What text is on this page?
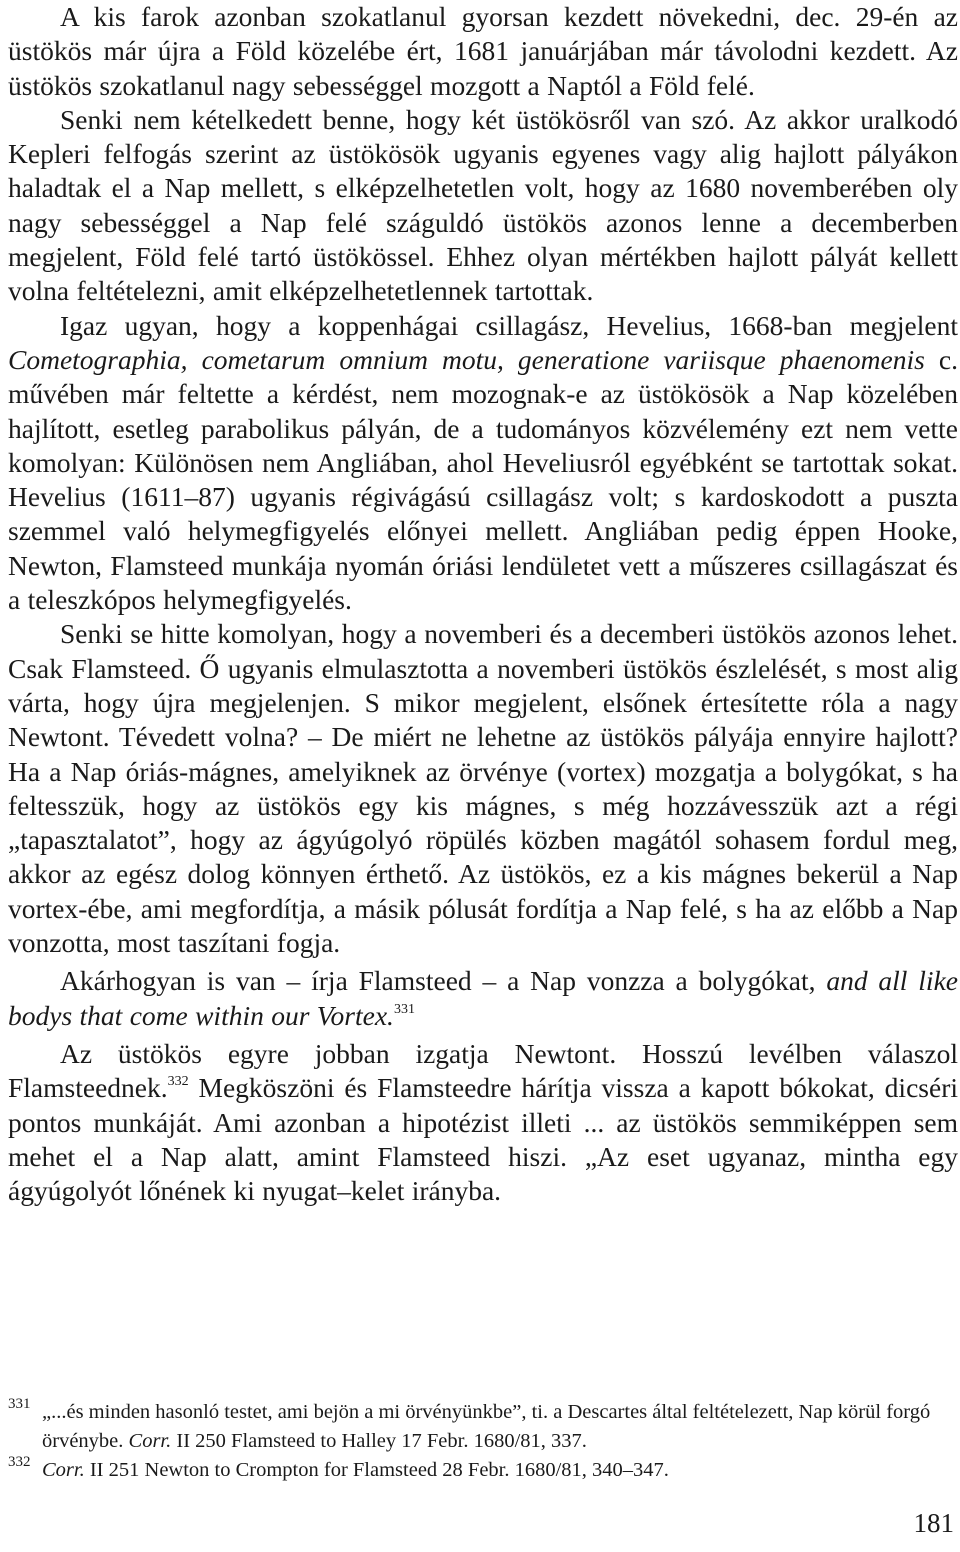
A kis farok azonban szokatlanul gyorsan kezdett növekedni, dec. 29-én az üstökös már újra a Föld közelébe ért, 1681 januárjában már távolodni kezdett. Az üstökös szokatlanul nagy sebességgel mozgott a Naptól a Föld felé.

Senki nem kételkedett benne, hogy két üstökösről van szó. Az akkor uralkodó Kepleri felfogás szerint az üstökösök ugyanis egyenes vagy alig hajlott pályákon haladtak el a Nap mellett, s elképzelhetetlen volt, hogy az 1680 novemberében oly nagy sebességgel a Nap felé száguldó üstökös azonos lenne a decemberben megjelent, Föld felé tartó üstökössel. Ehhez olyan mértékben hajlott pályát kellett volna feltételezni, amit elképzelhetetlennek tartottak.

Igaz ugyan, hogy a koppenhágai csillagász, Hevelius, 1668-ban megjelent Cometographia, cometarum omnium motu, generatione variisque phaenomenis c. művében már feltette a kérdést, nem mozognak-e az üstökösök a Nap közelében hajlított, esetleg parabolikus pályán, de a tudományos közvélemény ezt nem vette komolyan: Különösen nem Angliában, ahol Heveliusról egyébként se tartottak sokat. Hevelius (1611–87) ugyanis régivágású csillagász volt; s kardoskodott a puszta szemmel való helymegfigyelés előnyei mellett. Angliában pedig éppen Hooke, Newton, Flamsteed munkája nyomán óriási lendületet vett a műszeres csillagászat és a teleszkópos helymegfigyelés.

Senki se hitte komolyan, hogy a novemberi és a decemberi üstökös azonos lehet. Csak Flamsteed. Ő ugyanis elmulasztotta a novemberi üstökös észlelését, s most alig várta, hogy újra megjelenjen. S mikor megjelent, elsőnek értesítette róla a nagy Newtont. Tévedett volna? – De miért ne lehetne az üstökös pályája ennyire hajlott? Ha a Nap óriás-mágnes, amelyiknek az örvénye (vortex) mozgatja a bolygókat, s ha feltesszük, hogy az üstökös egy kis mágnes, s még hozzávesszük azt a régi „tapasztalatot”, hogy az ágyúgolyó röpülés közben magától sohasem fordul meg, akkor az egész dolog könnyen érthető. Az üstökös, ez a kis mágnes bekerül a Nap vortex-ébe, ami megfordítja, a másik pólusát fordítja a Nap felé, s ha az előbb a Nap vonzotta, most taszítani fogja.

Akárhogyan is van – írja Flamsteed – a Nap vonzza a bolygókat, and all like bodys that come within our Vortex.$^{331}$

Az üstökös egyre jobban izgatja Newtont. Hosszú levélben válaszol Flamsteednek.$^{332}$ Megköszöni és Flamsteedre hárítja vissza a kapott bókokat, dicséri pontos munkáját. Ami azonban a hipotézist illeti ... az üstökös semmiképpen sem mehet el a Nap alatt, amint Flamsteed hiszi. „Az eset ugyanaz, mintha egy ágyúgolyót lőnének ki nyugat–kelet irányba.

331 „...és minden hasonló testet, ami bejön a mi örvényünkbe”, ti. a Descartes által feltételezett, Nap körül forgó örvénybe. Corr. II 250 Flamsteed to Halley 17 Febr. 1680/81, 337.

332 Corr. II 251 Newton to Crompton for Flamsteed 28 Febr. 1680/81, 340–347.

181
